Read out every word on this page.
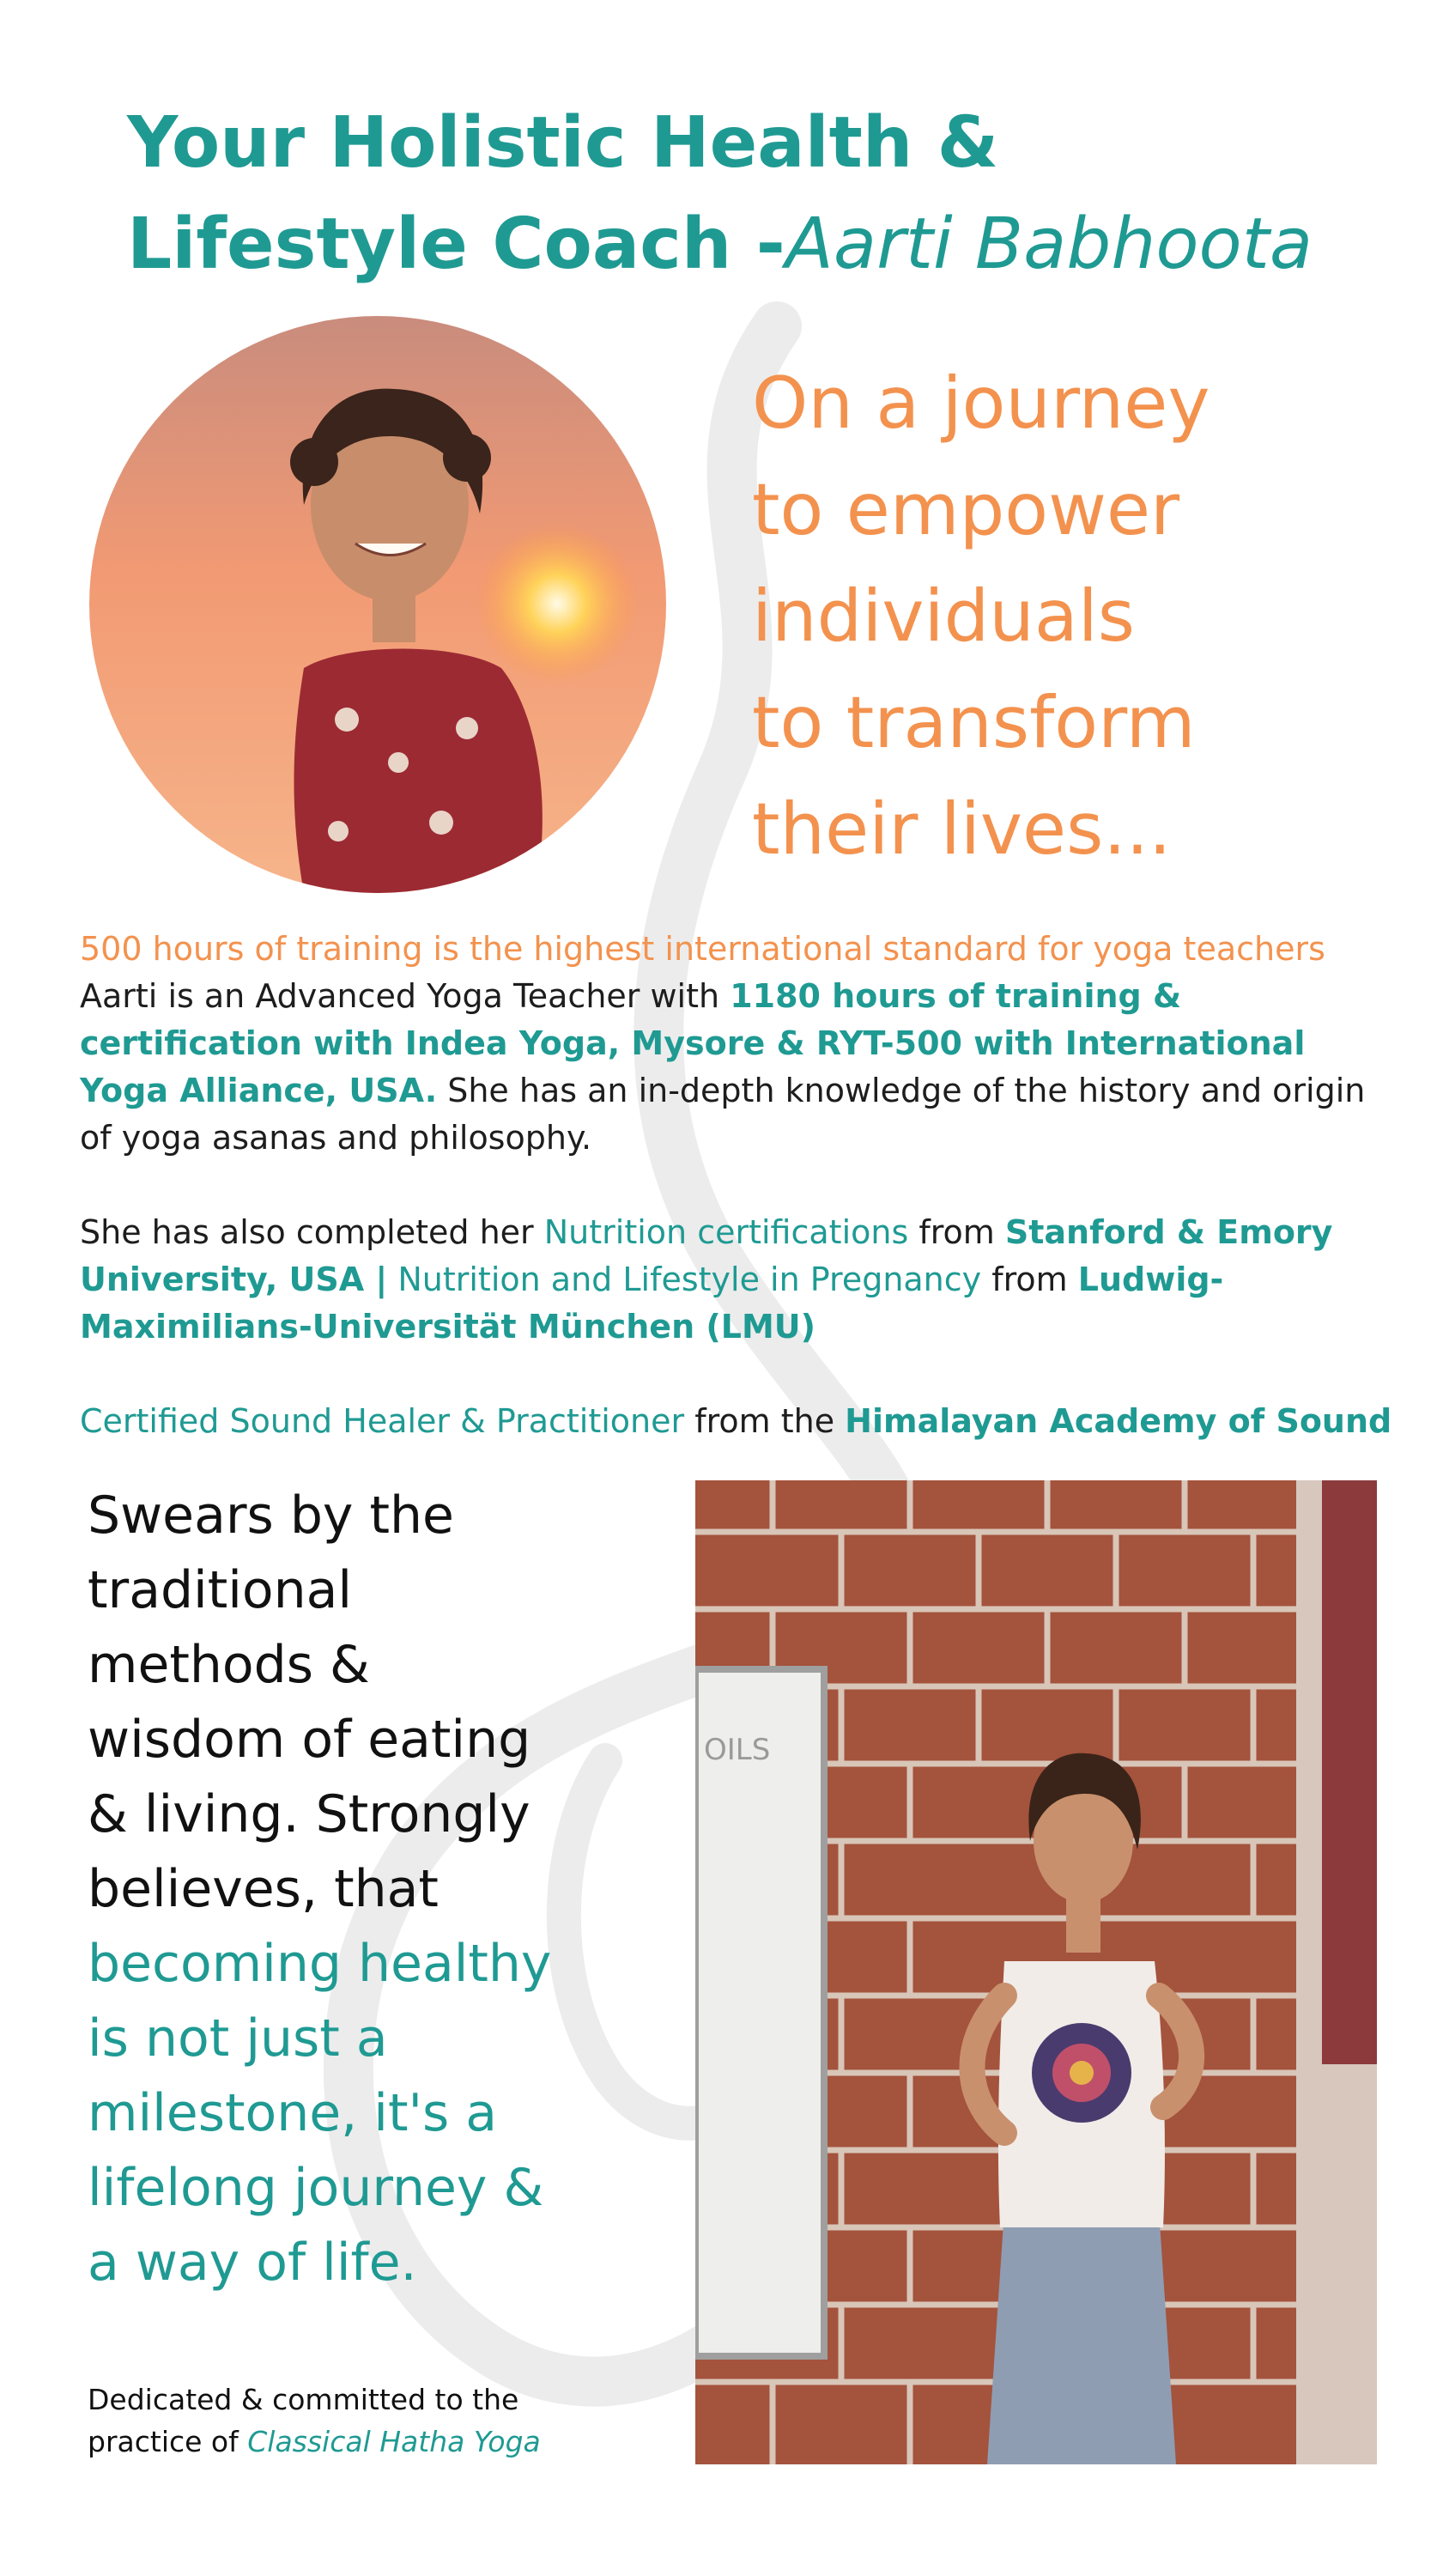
Your Holistic Health & Lifestyle Coach -Aarti Babhoota

On a journey
to empower
individuals
to transform
their lives...

500 hours of training is the highest international standard for yoga teachers

Aarti is an Advanced Yoga Teacher with 1180 hours of training & certification with Indea Yoga, Mysore & RYT-500 with International Yoga Alliance, USA. She has an in-depth knowledge of the history and origin of yoga asanas and philosophy.

She has also completed her Nutrition certifications from Stanford & Emory University, USA | Nutrition and Lifestyle in Pregnancy from Ludwig-Maximilians-Universität München (LMU)

Certified Sound Healer & Practitioner from the Himalayan Academy of Sound

Swears by the
traditional
methods &
wisdom of eating
& living. Strongly
believes, that
becoming healthy
is not just a
milestone, it's a
lifelong journey &
a way of life.

Dedicated & committed to the practice of Classical Hatha Yoga

OILS
